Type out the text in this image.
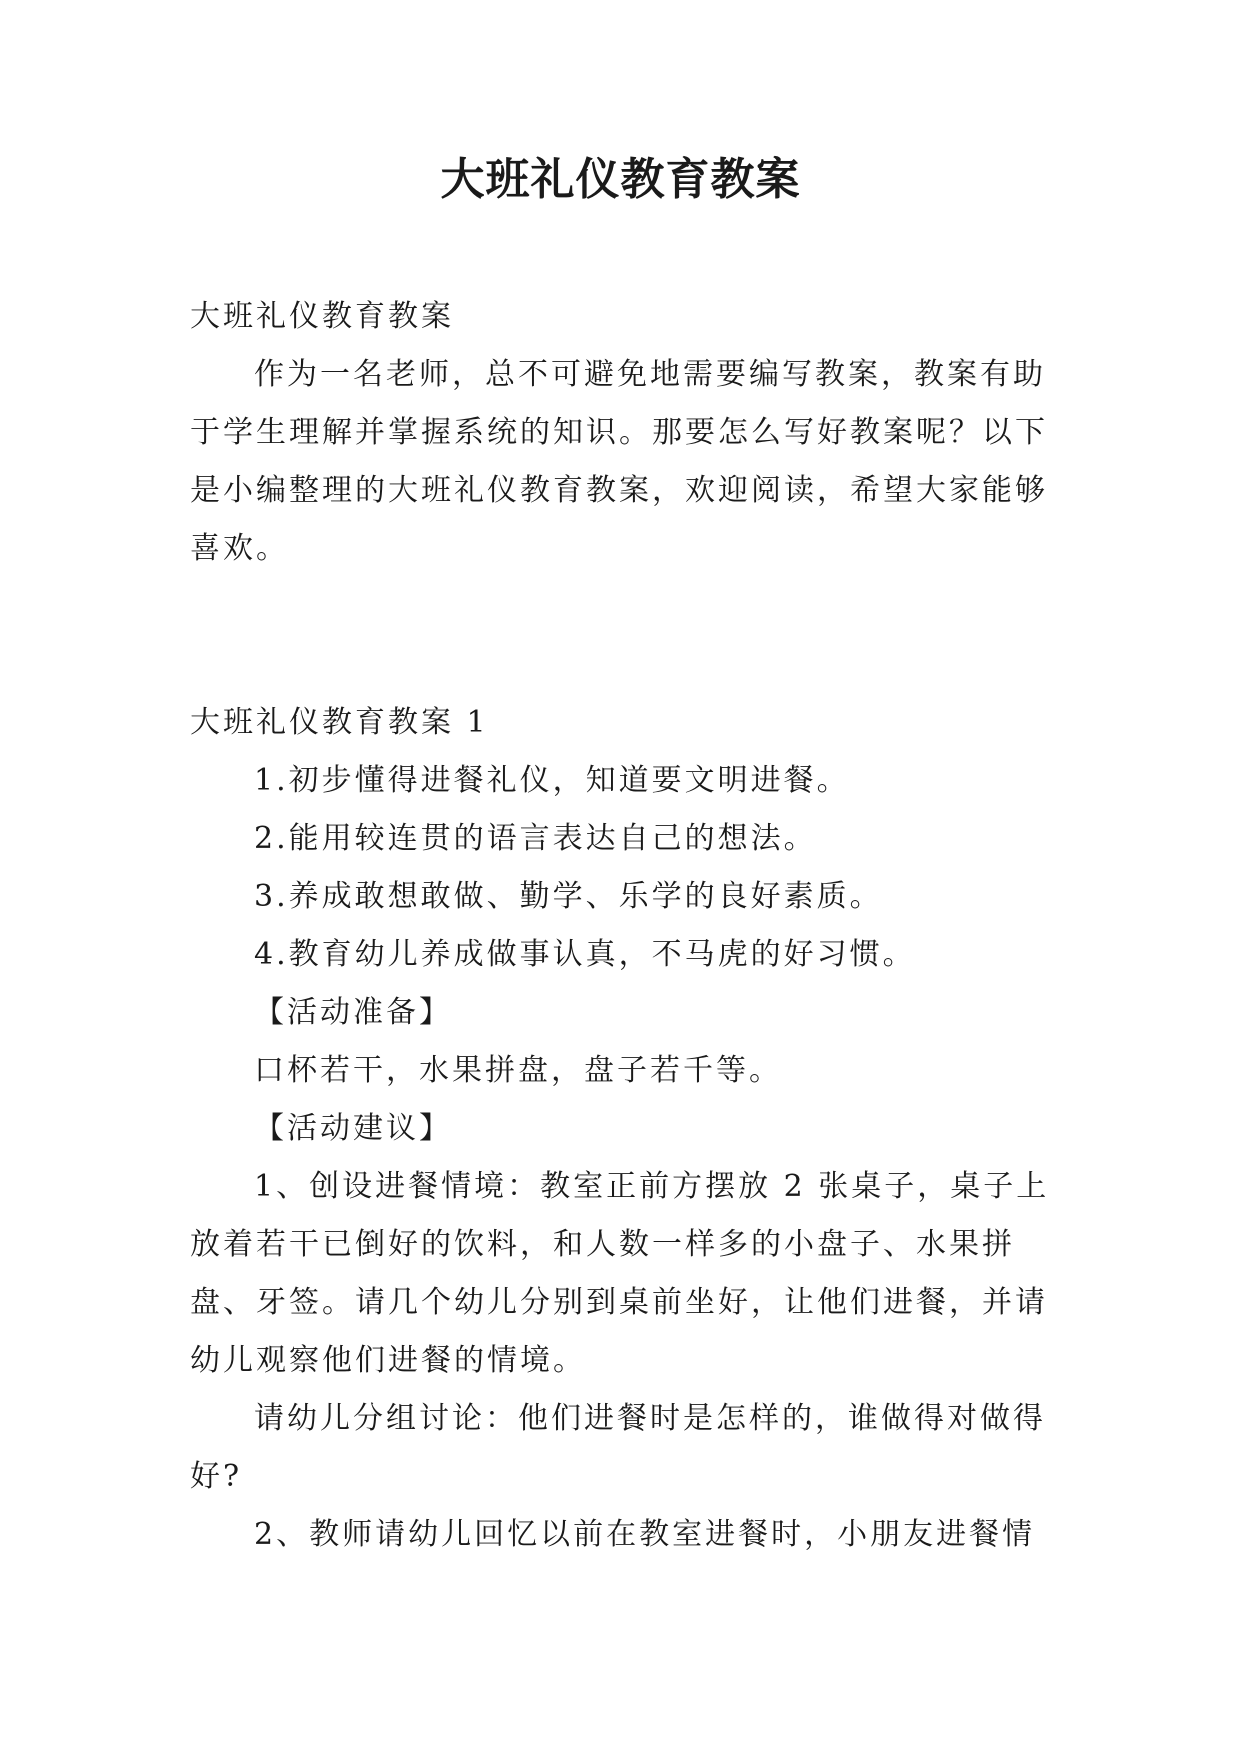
大班礼仪教育教案

大班礼仪教育教案

作为一名老师，总不可避免地需要编写教案，教案有助于学生理解并掌握系统的知识。那要怎么写好教案呢？以下是小编整理的大班礼仪教育教案，欢迎阅读，希望大家能够喜欢。

大班礼仪教育教案 1

1.初步懂得进餐礼仪，知道要文明进餐。

2.能用较连贯的语言表达自己的想法。

3.养成敢想敢做、勤学、乐学的良好素质。

4.教育幼儿养成做事认真，不马虎的好习惯。

【活动准备】

口杯若干，水果拼盘，盘子若千等。

【活动建议】

1、创设进餐情境：教室正前方摆放 2 张桌子，桌子上放着若干已倒好的饮料，和人数一样多的小盘子、水果拼盘、牙签。请几个幼儿分别到桌前坐好，让他们进餐，并请幼儿观察他们进餐的情境。

请幼儿分组讨论：他们进餐时是怎样的，谁做得对做得好?

2、教师请幼儿回忆以前在教室进餐时，小朋友进餐情
